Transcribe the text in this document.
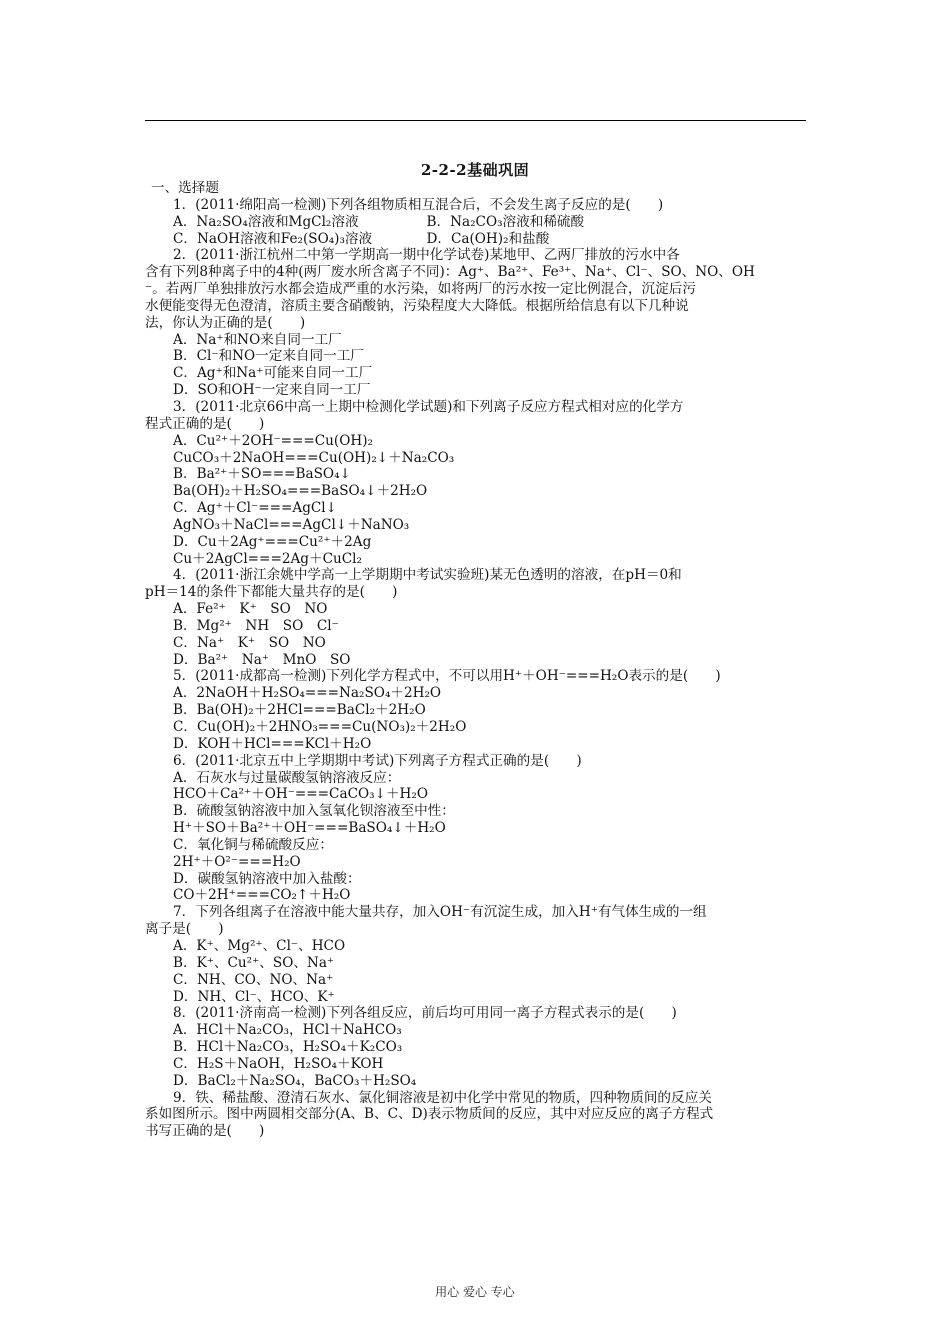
2-2-2基础巩固
一、选择题
1．(2011·绵阳高一检测)下列各组物质相互混合后，不会发生离子反应的是(　　)
A．Na₂SO₄溶液和MgCl₂溶液　　　　　B．Na₂CO₃溶液和稀硫酸
C．NaOH溶液和Fe₂(SO₄)₃溶液　　　　D．Ca(OH)₂和盐酸
2．(2011·浙江杭州二中第一学期高一期中化学试卷)某地甲、乙两厂排放的污水中各
含有下列8种离子中的4种(两厂废水所含离子不同)：Ag⁺、Ba²⁺、Fe³⁺、Na⁺、Cl⁻、SO、NO、OH
⁻。若两厂单独排放污水都会造成严重的水污染，如将两厂的污水按一定比例混合，沉淀后污
水便能变得无色澄清，溶质主要含硝酸钠，污染程度大大降低。根据所给信息有以下几种说
法，你认为正确的是(　　)
A．Na⁺和NO来自同一工厂
B．Cl⁻和NO一定来自同一工厂
C．Ag⁺和Na⁺可能来自同一工厂
D．SO和OH⁻一定来自同一工厂
3．(2011·北京66中高一上期中检测化学试题)和下列离子反应方程式相对应的化学方
程式正确的是(　　)
A．Cu²⁺＋2OH⁻===Cu(OH)₂
CuCO₃＋2NaOH===Cu(OH)₂↓＋Na₂CO₃
B．Ba²⁺＋SO===BaSO₄↓
Ba(OH)₂＋H₂SO₄===BaSO₄↓＋2H₂O
C．Ag⁺＋Cl⁻===AgCl↓
AgNO₃＋NaCl===AgCl↓＋NaNO₃
D．Cu＋2Ag⁺===Cu²⁺＋2Ag
Cu＋2AgCl===2Ag＋CuCl₂
4．(2011·浙江余姚中学高一上学期期中考试实验班)某无色透明的溶液，在pH＝0和
pH＝14的条件下都能大量共存的是(　　)
A．Fe²⁺　K⁺　SO　NO
B．Mg²⁺　NH　SO　Cl⁻
C．Na⁺　K⁺　SO　NO
D．Ba²⁺　Na⁺　MnO　SO
5．(2011·成都高一检测)下列化学方程式中，不可以用H⁺＋OH⁻===H₂O表示的是(　　)
A．2NaOH＋H₂SO₄===Na₂SO₄＋2H₂O
B．Ba(OH)₂＋2HCl===BaCl₂＋2H₂O
C．Cu(OH)₂＋2HNO₃===Cu(NO₃)₂＋2H₂O
D．KOH＋HCl===KCl＋H₂O
6．(2011·北京五中上学期期中考试)下列离子方程式正确的是(　　)
A．石灰水与过量碳酸氢钠溶液反应：
HCO＋Ca²⁺＋OH⁻===CaCO₃↓＋H₂O
B．硫酸氢钠溶液中加入氢氧化钡溶液至中性：
H⁺＋SO＋Ba²⁺＋OH⁻===BaSO₄↓＋H₂O
C．氧化铜与稀硫酸反应：
2H⁺＋O²⁻===H₂O
D．碳酸氢钠溶液中加入盐酸：
CO＋2H⁺===CO₂↑＋H₂O
7．下列各组离子在溶液中能大量共存，加入OH⁻有沉淀生成，加入H⁺有气体生成的一组
离子是(　　)
A．K⁺、Mg²⁺、Cl⁻、HCO
B．K⁺、Cu²⁺、SO、Na⁺
C．NH、CO、NO、Na⁺
D．NH、Cl⁻、HCO、K⁺
8．(2011·济南高一检测)下列各组反应，前后均可用同一离子方程式表示的是(　　)
A．HCl＋Na₂CO₃，HCl＋NaHCO₃
B．HCl＋Na₂CO₃，H₂SO₄＋K₂CO₃
C．H₂S＋NaOH，H₂SO₄＋KOH
D．BaCl₂＋Na₂SO₄，BaCO₃＋H₂SO₄
9．铁、稀盐酸、澄清石灰水、氯化铜溶液是初中化学中常见的物质，四种物质间的反应关
系如图所示。图中两圆相交部分(A、B、C、D)表示物质间的反应，其中对应反应的离子方程式
书写正确的是(　　)
用心 爱心 专心
